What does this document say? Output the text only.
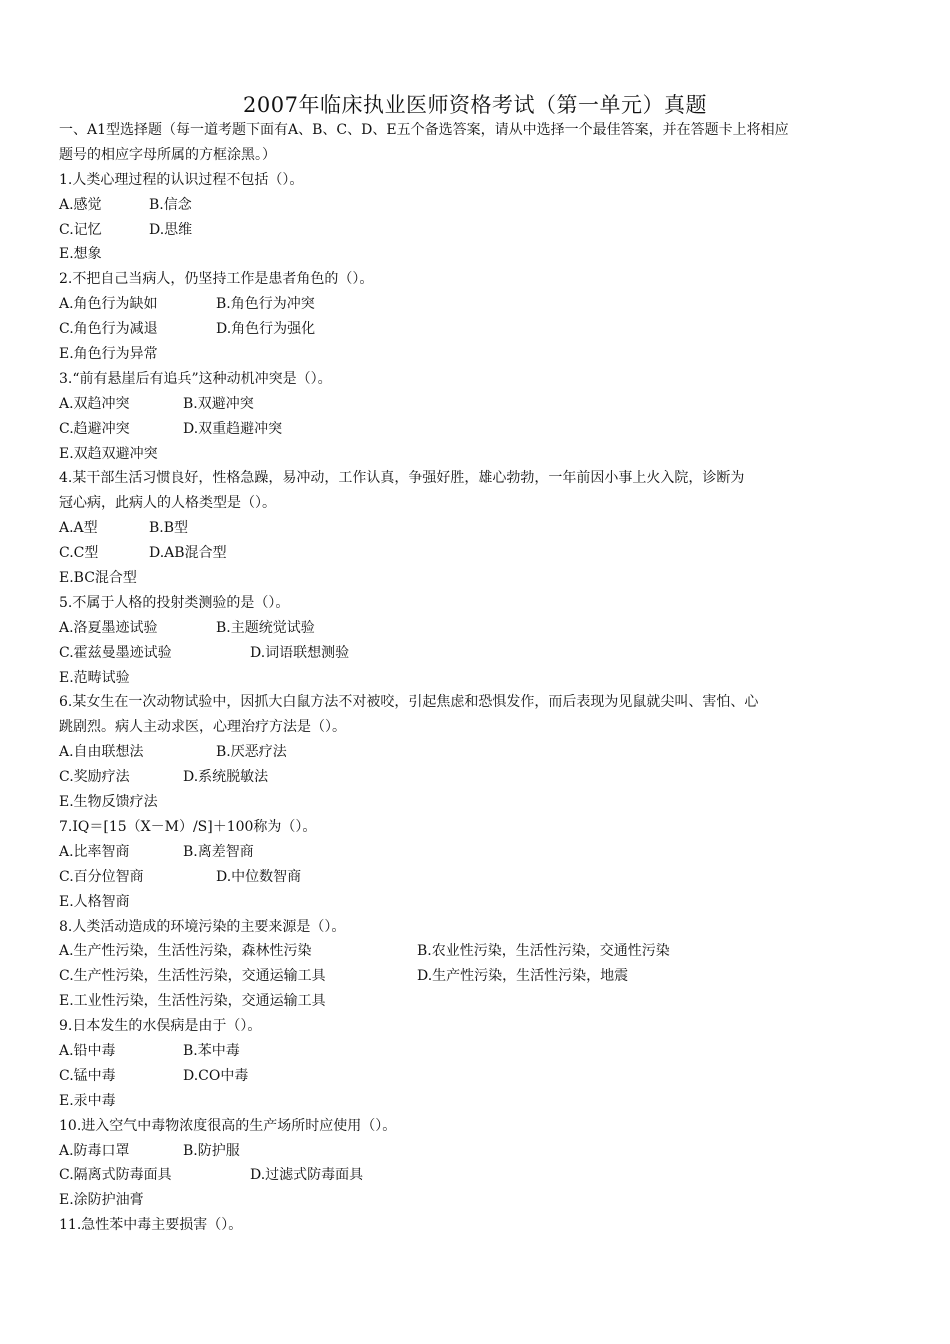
2007年临床执业医师资格考试（第一单元）真题
一、A1型选择题（每一道考题下面有A、B、C、D、E五个备选答案，请从中选择一个最佳答案，并在答题卡上将相应
题号的相应字母所属的方框涂黑。）
1.人类心理过程的认识过程不包括（）。
A.感觉	B.信念
C.记忆	D.思维
E.想象
2.不把自己当病人，仍坚持工作是患者角色的（）。
A.角色行为缺如	B.角色行为冲突
C.角色行为减退	D.角色行为强化
E.角色行为异常
3.“前有悬崖后有追兵”这种动机冲突是（）。
A.双趋冲突	B.双避冲突
C.趋避冲突	D.双重趋避冲突
E.双趋双避冲突
4.某干部生活习惯良好，性格急躁，易冲动，工作认真，争强好胜，雄心勃勃，一年前因小事上火入院，诊断为
冠心病，此病人的人格类型是（）。
A.A型	B.B型
C.C型	D.AB混合型
E.BC混合型
5.不属于人格的投射类测验的是（）。
A.洛夏墨迹试验	B.主题统觉试验
C.霍兹曼墨迹试验	D.词语联想测验
E.范畴试验
6.某女生在一次动物试验中，因抓大白鼠方法不对被咬，引起焦虑和恐惧发作，而后表现为见鼠就尖叫、害怕、心
跳剧烈。病人主动求医，心理治疗方法是（）。
A.自由联想法	B.厌恶疗法
C.奖励疗法	D.系统脱敏法
E.生物反馈疗法
7.IQ＝[15（X－M）/S]＋100称为（）。
A.比率智商	B.离差智商
C.百分位智商	D.中位数智商
E.人格智商
8.人类活动造成的环境污染的主要来源是（）。
A.生产性污染，生活性污染，森林性污染	B.农业性污染，生活性污染，交通性污染
C.生产性污染，生活性污染，交通运输工具	D.生产性污染，生活性污染，地震
E.工业性污染，生活性污染，交通运输工具
9.日本发生的水俣病是由于（）。
A.铅中毒	B.苯中毒
C.锰中毒	D.CO中毒
E.汞中毒
10.进入空气中毒物浓度很高的生产场所时应使用（）。
A.防毒口罩	B.防护服
C.隔离式防毒面具	D.过滤式防毒面具
E.涂防护油膏
11.急性苯中毒主要损害（）。
